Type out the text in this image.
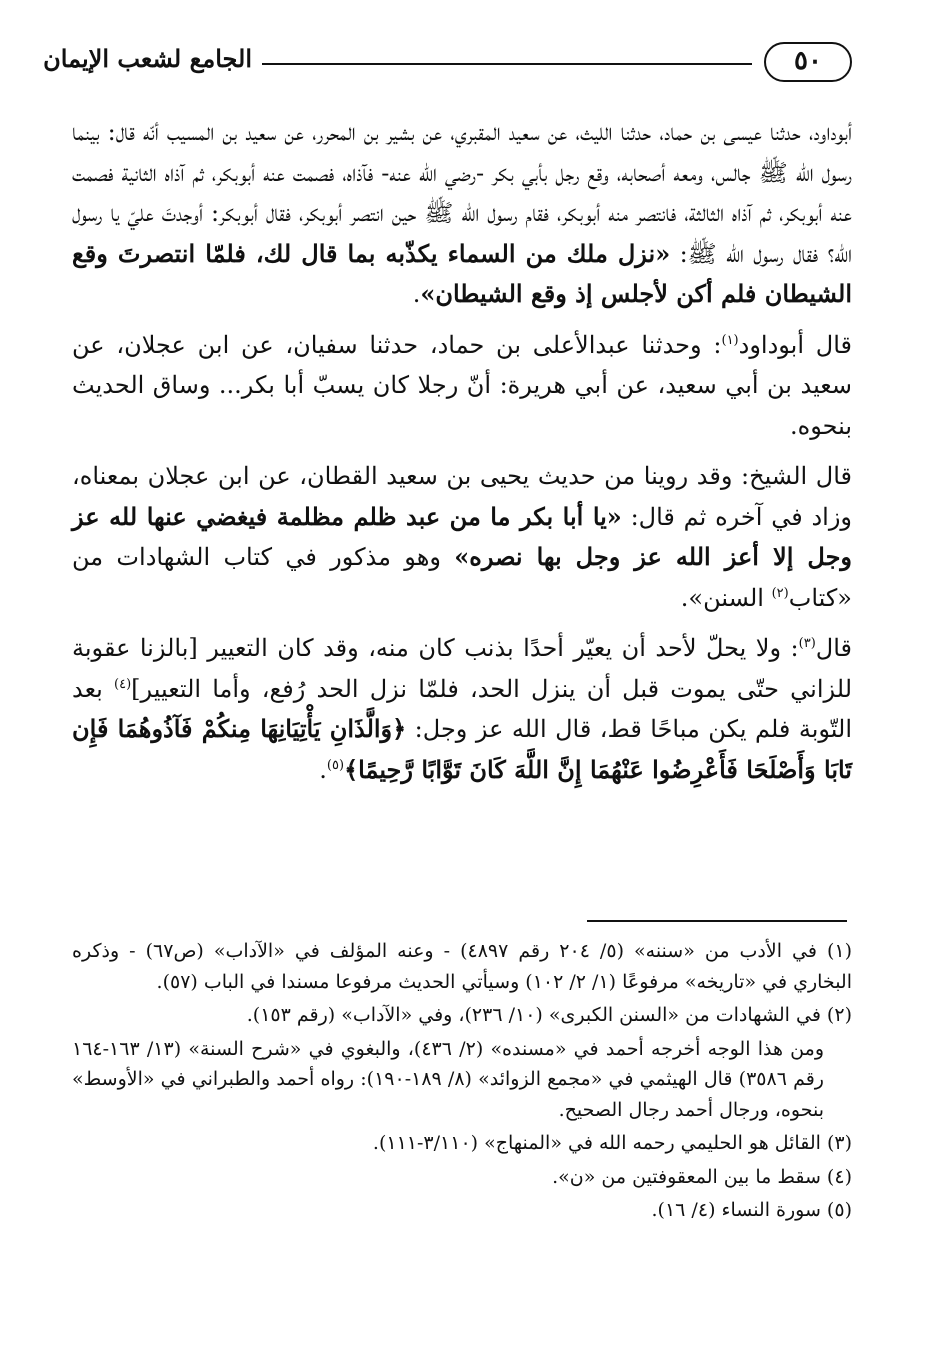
٥٠
الجامع لشعب الإيمان

أبوداود، حدثنا عيسى بن حماد، حدثنا الليث، عن سعيد المقبري، عن بشير بن المحرر، عن سعيد بن المسيب أنّه قال: بينما رسول الله ﷺ جالس، ومعه أصحابه، وقع رجل بأبي بكر -رضي الله عنه- فآذاه، فصمت عنه أبوبكر، ثم آذاه الثانية فصمت عنه أبوبكر، ثم آذاه الثالثة، فانتصر منه أبوبكر، فقام رسول الله ﷺ حين انتصر أبوبكر، فقال أبوبكر: أوجدتَ عليّ يا رسول الله؟ فقال رسول الله ﷺ: «نزل ملك من السماء يكذّبه بما قال لك، فلمّا انتصرتَ وقع الشيطان فلم أكن لأجلس إذ وقع الشيطان».

قال أبوداود$^{(١)}$: وحدثنا عبدالأعلى بن حماد، حدثنا سفيان، عن ابن عجلان، عن سعيد بن أبي سعيد، عن أبي هريرة: أنّ رجلا كان يسبّ أبا بكر... وساق الحديث بنحوه.

قال الشيخ: وقد روينا من حديث يحيى بن سعيد القطان، عن ابن عجلان بمعناه، وزاد في آخره ثم قال: «يا أبا بكر ما من عبد ظلم مظلمة فيغضي عنها لله عز وجل إلا أعز الله عز وجل بها نصره» وهو مذكور في كتاب الشهادات من «كتاب$^{(٢)}$ السنن».

قال$^{(٣)}$: ولا يحلّ لأحد أن يعيّر أحدًا بذنب كان منه، وقد كان التعيير [بالزنا عقوبة للزاني حتّى يموت قبل أن ينزل الحد، فلمّا نزل الحد رُفع، وأما التعيير]$^{(٤)}$ بعد التّوبة فلم يكن مباحًا قط، قال الله عز وجل: ﴿وَالَّذَانِ يَأْتِيَانِهَا مِنكُمْ فَآذُوهُمَا فَإِن تَابَا وَأَصْلَحَا فَأَعْرِضُوا عَنْهُمَا إِنَّ اللَّهَ كَانَ تَوَّابًا رَّحِيمًا﴾$^{(٥)}$.

(١) في الأدب من «سننه» (٥/ ٢٠٤ رقم ٤٨٩٧) - وعنه المؤلف في «الآداب» (ص٦٧) - وذكره البخاري في «تاريخه» مرفوعًا (١/ ٢/ ١٠٢) وسيأتي الحديث مرفوعا مسندا في الباب (٥٧).

(٢) في الشهادات من «السنن الكبرى» (١٠/ ٢٣٦)، وفي «الآداب» (رقم ١٥٣).

ومن هذا الوجه أخرجه أحمد في «مسنده» (٢/ ٤٣٦)، والبغوي في «شرح السنة» (١٣/ ١٦٣-١٦٤ رقم ٣٥٨٦) قال الهيثمي في «مجمع الزوائد» (٨/ ١٨٩-١٩٠): رواه أحمد والطبراني في «الأوسط» بنحوه، ورجال أحمد رجال الصحيح.

(٣) القائل هو الحليمي رحمه الله في «المنهاج» (٣/١١٠-١١١).

(٤) سقط ما بين المعقوفتين من «ن».

(٥) سورة النساء (٤/ ١٦).
